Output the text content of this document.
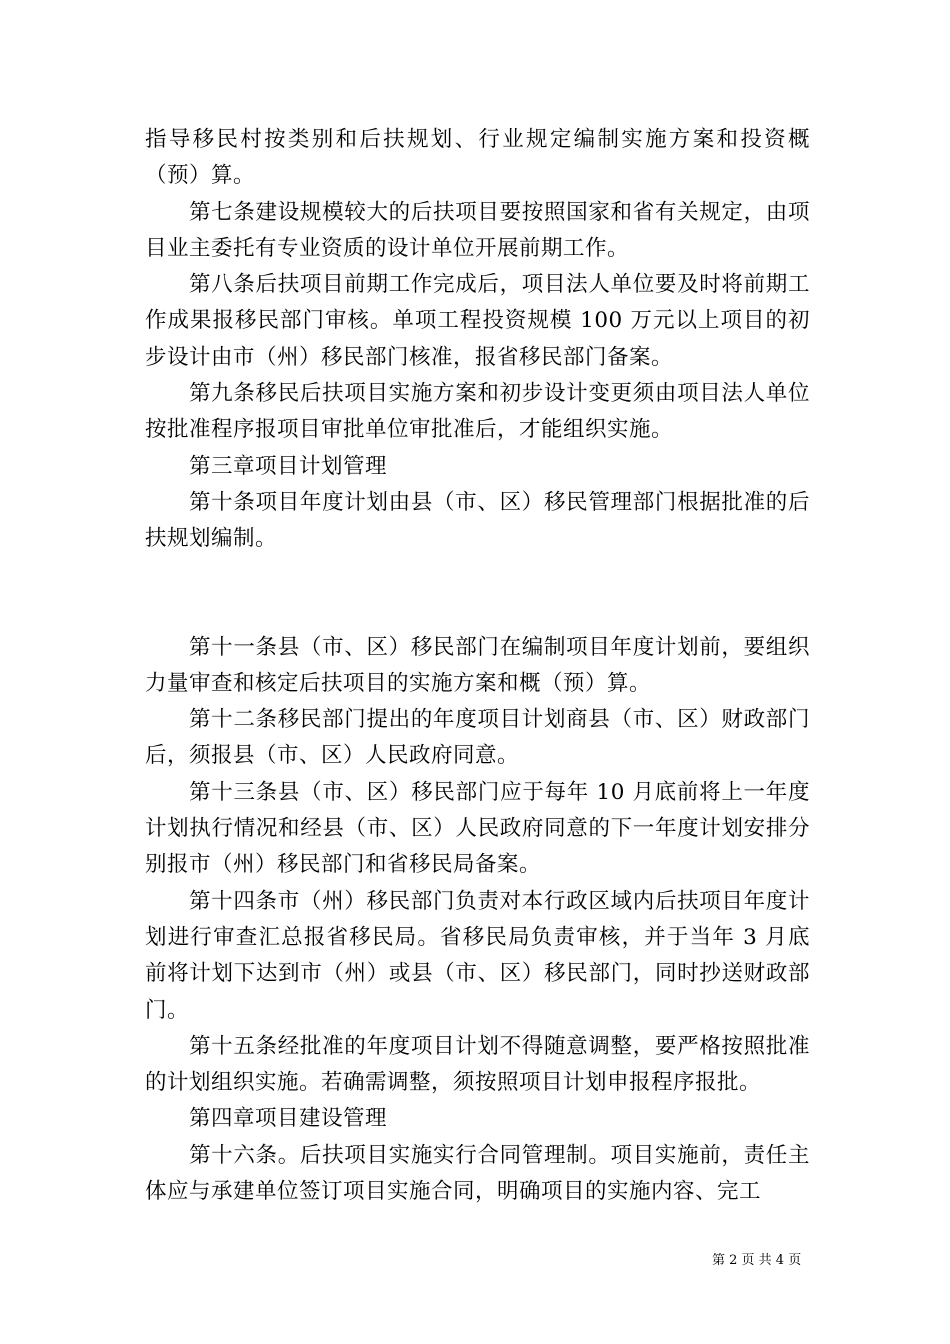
指导移民村按类别和后扶规划、行业规定编制实施方案和投资概（预）算。

第七条建设规模较大的后扶项目要按照国家和省有关规定，由项目业主委托有专业资质的设计单位开展前期工作。

第八条后扶项目前期工作完成后，项目法人单位要及时将前期工作成果报移民部门审核。单项工程投资规模 100 万元以上项目的初步设计由市（州）移民部门核准，报省移民部门备案。

第九条移民后扶项目实施方案和初步设计变更须由项目法人单位按批准程序报项目审批单位审批准后，才能组织实施。

第三章项目计划管理

第十条项目年度计划由县（市、区）移民管理部门根据批准的后扶规划编制。

第十一条县（市、区）移民部门在编制项目年度计划前，要组织力量审查和核定后扶项目的实施方案和概（预）算。

第十二条移民部门提出的年度项目计划商县（市、区）财政部门后，须报县（市、区）人民政府同意。

第十三条县（市、区）移民部门应于每年 10 月底前将上一年度计划执行情况和经县（市、区）人民政府同意的下一年度计划安排分别报市（州）移民部门和省移民局备案。

第十四条市（州）移民部门负责对本行政区域内后扶项目年度计划进行审查汇总报省移民局。省移民局负责审核，并于当年 3 月底前将计划下达到市（州）或县（市、区）移民部门，同时抄送财政部门。

第十五条经批准的年度项目计划不得随意调整，要严格按照批准的计划组织实施。若确需调整，须按照项目计划申报程序报批。

第四章项目建设管理

第十六条。后扶项目实施实行合同管理制。项目实施前，责任主体应与承建单位签订项目实施合同，明确项目的实施内容、完工

第 2 页 共 4 页
